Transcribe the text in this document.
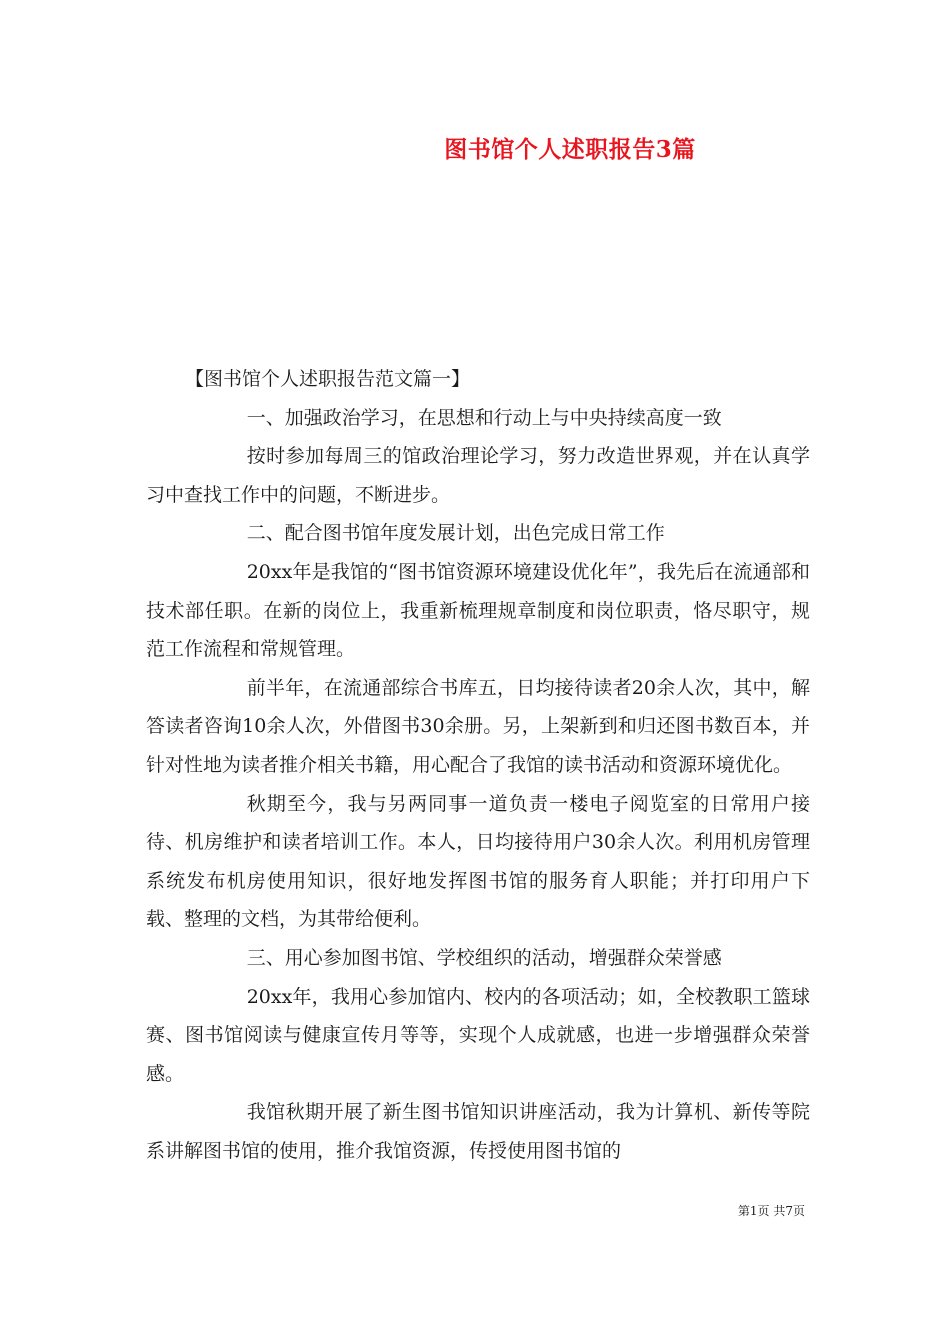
图书馆个人述职报告3篇

【图书馆个人述职报告范文篇一】

一、加强政治学习，在思想和行动上与中央持续高度一致

按时参加每周三的馆政治理论学习，努力改造世界观，并在认真学习中查找工作中的问题，不断进步。

二、配合图书馆年度发展计划，出色完成日常工作

20xx年是我馆的“图书馆资源环境建设优化年”，我先后在流通部和技术部任职。在新的岗位上，我重新梳理规章制度和岗位职责，恪尽职守，规范工作流程和常规管理。

前半年，在流通部综合书库五，日均接待读者20余人次，其中，解答读者咨询10余人次，外借图书30余册。另，上架新到和归还图书数百本，并针对性地为读者推介相关书籍，用心配合了我馆的读书活动和资源环境优化。

秋期至今，我与另两同事一道负责一楼电子阅览室的日常用户接待、机房维护和读者培训工作。本人，日均接待用户30余人次。利用机房管理系统发布机房使用知识，很好地发挥图书馆的服务育人职能；并打印用户下载、整理的文档，为其带给便利。

三、用心参加图书馆、学校组织的活动，增强群众荣誉感

20xx年，我用心参加馆内、校内的各项活动；如，全校教职工篮球赛、图书馆阅读与健康宣传月等等，实现个人成就感，也进一步增强群众荣誉感。

我馆秋期开展了新生图书馆知识讲座活动，我为计算机、新传等院系讲解图书馆的使用，推介我馆资源，传授使用图书馆的

第1页 共7页
